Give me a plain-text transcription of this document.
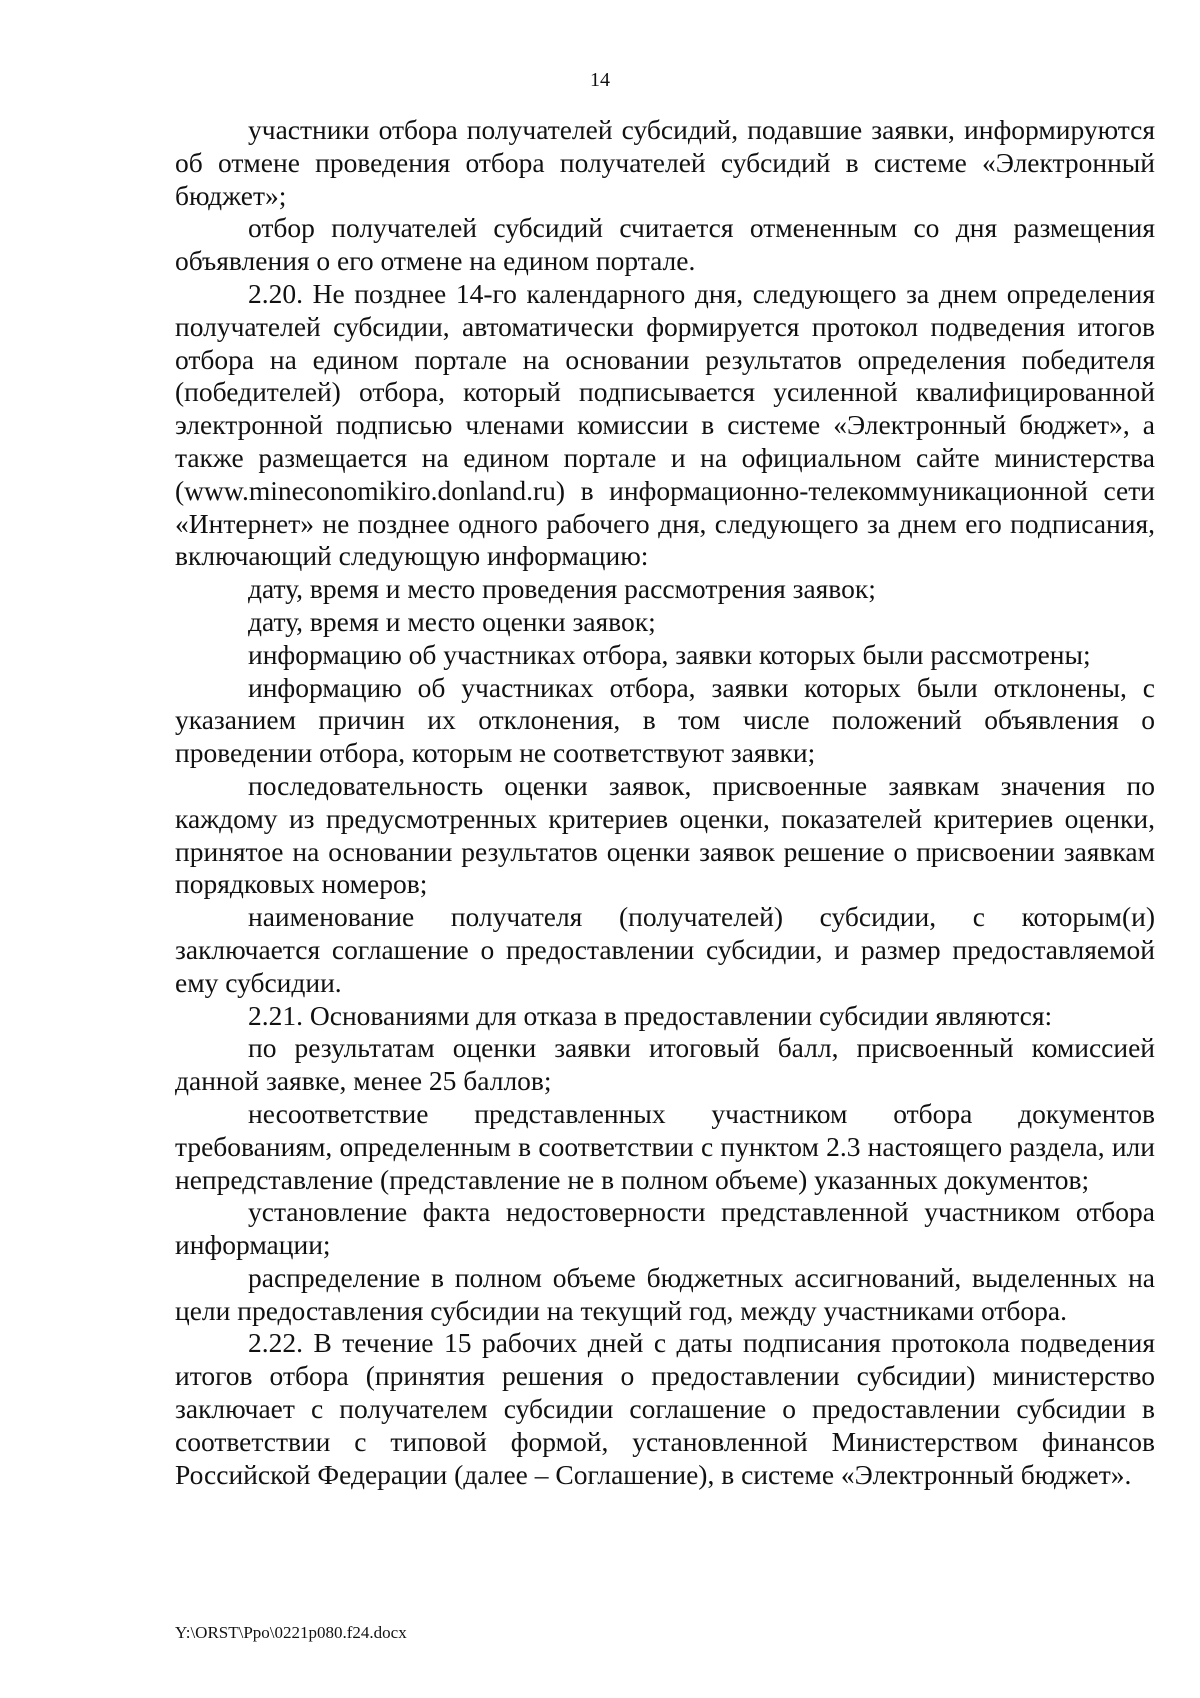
14

участники отбора получателей субсидий, подавшие заявки, информируются об отмене проведения отбора получателей субсидий в системе «Электронный бюджет»;

отбор получателей субсидий считается отмененным со дня размещения объявления о его отмене на едином портале.

2.20. Не позднее 14-го календарного дня, следующего за днем определения получателей субсидии, автоматически формируется протокол подведения итогов отбора на едином портале на основании результатов определения победителя (победителей) отбора, который подписывается усиленной квалифицированной электронной подписью членами комиссии в системе «Электронный бюджет», а также размещается на едином портале и на официальном сайте министерства (www.mineconomikiro.donland.ru) в информационно-телекоммуникационной сети «Интернет» не позднее одного рабочего дня, следующего за днем его подписания, включающий следующую информацию:

дату, время и место проведения рассмотрения заявок;

дату, время и место оценки заявок;

информацию об участниках отбора, заявки которых были рассмотрены;

информацию об участниках отбора, заявки которых были отклонены, с указанием причин их отклонения, в том числе положений объявления о проведении отбора, которым не соответствуют заявки;

последовательность оценки заявок, присвоенные заявкам значения по каждому из предусмотренных критериев оценки, показателей критериев оценки, принятое на основании результатов оценки заявок решение о присвоении заявкам порядковых номеров;

наименование получателя (получателей) субсидии, с которым(и) заключается соглашение о предоставлении субсидии, и размер предоставляемой ему субсидии.

2.21. Основаниями для отказа в предоставлении субсидии являются:

по результатам оценки заявки итоговый балл, присвоенный комиссией данной заявке, менее 25 баллов;

несоответствие представленных участником отбора документов требованиям, определенным в соответствии с пунктом 2.3 настоящего раздела, или непредставление (представление не в полном объеме) указанных документов;

установление факта недостоверности представленной участником отбора информации;

распределение в полном объеме бюджетных ассигнований, выделенных на цели предоставления субсидии на текущий год, между участниками отбора.

2.22. В течение 15 рабочих дней с даты подписания протокола подведения итогов отбора (принятия решения о предоставлении субсидии) министерство заключает с получателем субсидии соглашение о предоставлении субсидии в соответствии с типовой формой, установленной Министерством финансов Российской Федерации (далее – Соглашение), в системе «Электронный бюджет».

Y:\ORST\Ppo\0221p080.f24.docx
